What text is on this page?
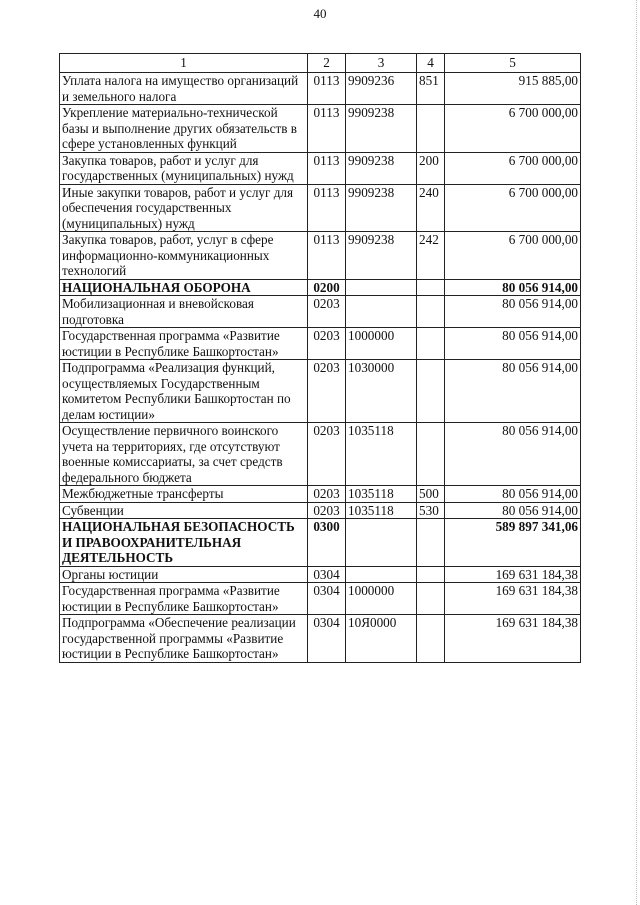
40
1	2	3	4	5
Уплата налога на имущество организаций и земельного налога	0113	9909236	851	915 885,00
Укрепление материально-технической базы и выполнение других обязательств в сфере установленных функций	0113	9909238		6 700 000,00
Закупка товаров, работ и услуг для государственных (муниципальных) нужд	0113	9909238	200	6 700 000,00
Иные закупки товаров, работ и услуг для обеспечения государственных (муниципальных) нужд	0113	9909238	240	6 700 000,00
Закупка товаров, работ, услуг в сфере информационно-коммуникационных технологий	0113	9909238	242	6 700 000,00
НАЦИОНАЛЬНАЯ ОБОРОНА	0200			80 056 914,00
Мобилизационная и вневойсковая подготовка	0203			80 056 914,00
Государственная программа «Развитие юстиции в Республике Башкортостан»	0203	1000000		80 056 914,00
Подпрограмма «Реализация функций, осуществляемых Государственным комитетом Республики Башкортостан по делам юстиции»	0203	1030000		80 056 914,00
Осуществление первичного воинского учета на территориях, где отсутствуют военные комиссариаты, за счет средств федерального бюджета	0203	1035118		80 056 914,00
Межбюджетные трансферты	0203	1035118	500	80 056 914,00
Субвенции	0203	1035118	530	80 056 914,00
НАЦИОНАЛЬНАЯ БЕЗОПАСНОСТЬ И ПРАВООХРАНИТЕЛЬНАЯ ДЕЯТЕЛЬНОСТЬ	0300			589 897 341,06
Органы юстиции	0304			169 631 184,38
Государственная программа «Развитие юстиции в Республике Башкортостан»	0304	1000000		169 631 184,38
Подпрограмма «Обеспечение реализации государственной программы «Развитие юстиции в Республике Башкортостан»	0304	10Я0000		169 631 184,38
